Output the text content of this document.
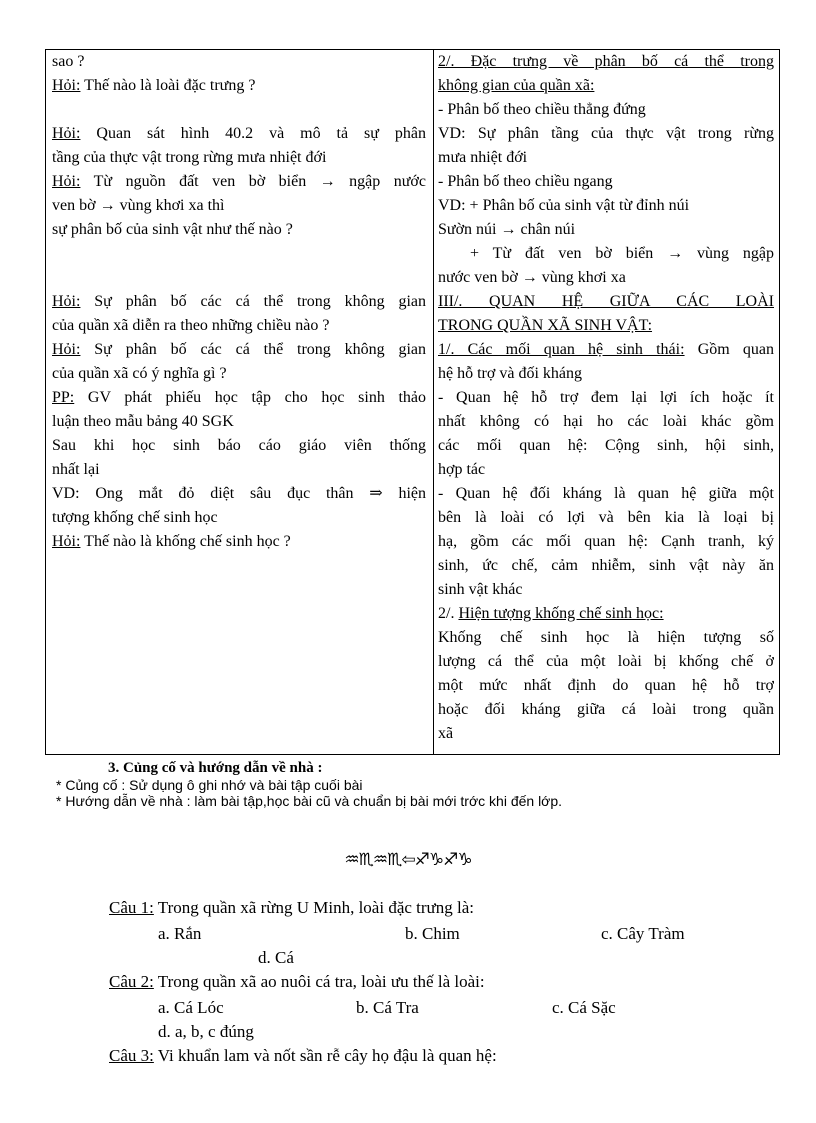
sao ?
Hỏi: Thế nào là loài đặc trưng ?
Hỏi: Quan sát hình 40.2 và mô tả sự phân
tầng của thực vật trong rừng mưa nhiệt đới
Hỏi: Từ nguồn đất ven bờ biển → ngập nước
ven bờ → vùng khơi xa thì
sự phân bố của sinh vật như thế nào ?
Hỏi: Sự phân bố các cá thể trong không gian
của quần xã diễn ra theo những chiều nào ?
Hỏi: Sự phân bố các cá thể trong không gian
của quần xã có ý nghĩa gì ?
PP: GV phát phiếu học tập cho học sinh thảo
luận theo mẫu bảng 40 SGK
Sau khi học sinh báo cáo giáo viên thống
nhất lại
VD: Ong mắt đỏ diệt sâu đục thân ⇒ hiện
tượng khống chế sinh học
Hỏi: Thế nào là khống chế sinh học ?
2/. Đặc trưng về phân bố cá thể trong
không gian của quần xã:
- Phân bố theo chiều thẳng đứng
VD: Sự phân tầng của thực vật trong rừng
mưa nhiệt đới
- Phân bố theo chiều ngang
VD: + Phân bố của sinh vật từ đỉnh núi
Sườn núi → chân núi
+ Từ đất ven bờ biển → vùng ngập
nước ven bờ → vùng khơi xa
III/. QUAN HỆ GIỮA CÁC LOÀI
TRONG QUẦN XÃ SINH VẬT:
1/. Các mối quan hệ sinh thái: Gồm quan
hệ hỗ trợ và đối kháng
- Quan hệ hỗ trợ đem lại lợi ích hoặc ít
nhất không có hại ho các loài khác gồm
các mối quan hệ: Cộng sinh, hội sinh,
hợp tác
- Quan hệ đối kháng là quan hệ giữa một
bên là loài có lợi và bên kia là loại bị
hạ, gồm các mối quan hệ: Cạnh tranh, ký
sinh, ức chế, cảm nhiễm, sinh vật này ăn
sinh vật khác
2/. Hiện tượng khống chế sinh học:
Khống chế sinh học là hiện tượng số
lượng cá thể của một loài bị khống chế ở
một mức nhất định do quan hệ hỗ trợ
hoặc đối kháng giữa cá loài trong quần
xã
3. Củng cố và hướng dẫn về nhà :
* Củng cố : Sử dụng ô ghi nhớ và bài tập cuối bài
* Hướng dẫn về nhà : làm bài tập,học bài cũ và chuẩn bị bài mới trớc khi đến lớp.
♒♏♒♏⇦♐♑♐♑
Câu 1: Trong quần xã rừng U Minh, loài đặc trưng là:
a. Rắn	b. Chim	c. Cây Tràm
d. Cá
Câu 2: Trong quần xã ao nuôi cá tra, loài ưu thế là loài:
a. Cá Lóc	b. Cá Tra	c. Cá Sặc
d. a, b, c đúng
Câu 3: Vi khuẩn lam và nốt sần rễ cây họ đậu là quan hệ:
